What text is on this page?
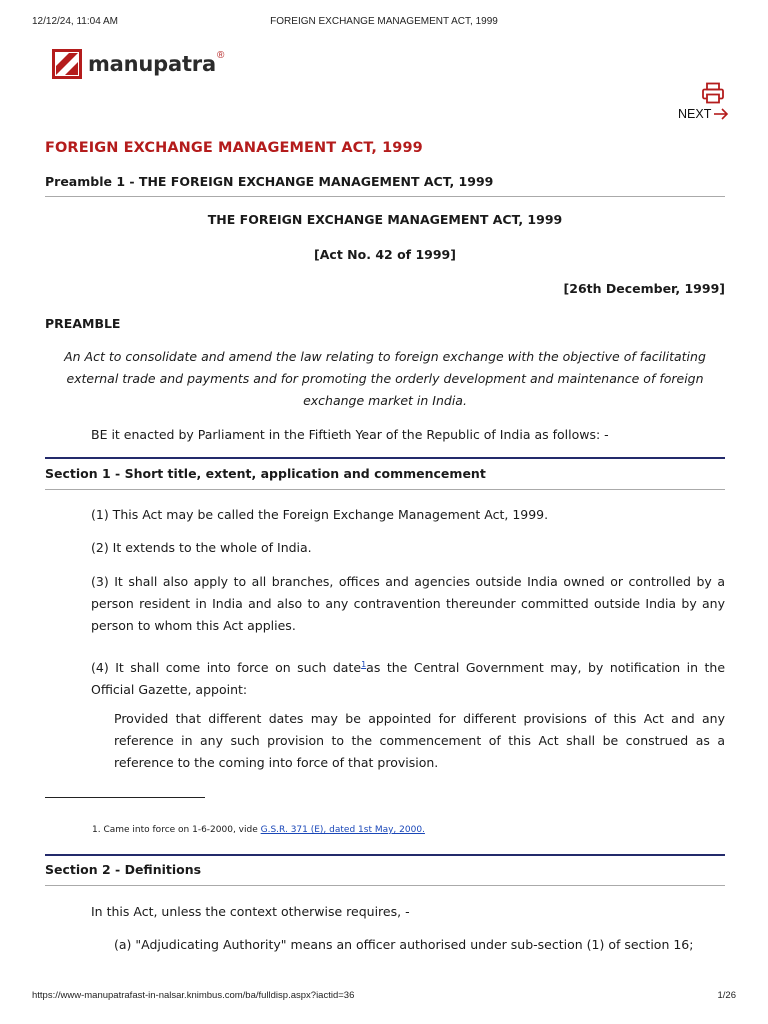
12/12/24, 11:04 AM	FOREIGN EXCHANGE MANAGEMENT ACT, 1999
manupatra ®
NEXT
FOREIGN EXCHANGE MANAGEMENT ACT, 1999
Preamble 1 - THE FOREIGN EXCHANGE MANAGEMENT ACT, 1999
THE FOREIGN EXCHANGE MANAGEMENT ACT, 1999
[Act No. 42 of 1999]
[26th December, 1999]
PREAMBLE
An Act to consolidate and amend the law relating to foreign exchange with the objective of facilitating external trade and payments and for promoting the orderly development and maintenance of foreign exchange market in India.
BE it enacted by Parliament in the Fiftieth Year of the Republic of India as follows: -
Section 1 - Short title, extent, application and commencement
(1) This Act may be called the Foreign Exchange Management Act, 1999.
(2) It extends to the whole of India.
(3) It shall also apply to all branches, offices and agencies outside India owned or controlled by a person resident in India and also to any contravention thereunder committed outside India by any person to whom this Act applies.
(4) It shall come into force on such date$^1$as the Central Government may, by notification in the Official Gazette, appoint:
Provided that different dates may be appointed for different provisions of this Act and any reference in any such provision to the commencement of this Act shall be construed as a reference to the coming into force of that provision.
1. Came into force on 1-6-2000, vide G.S.R. 371 (E), dated 1st May, 2000.
Section 2 - Definitions
In this Act, unless the context otherwise requires, -
(a) "Adjudicating Authority" means an officer authorised under sub-section (1) of section 16;
https://www-manupatrafast-in-nalsar.knimbus.com/ba/fulldisp.aspx?iactid=36	1/26
